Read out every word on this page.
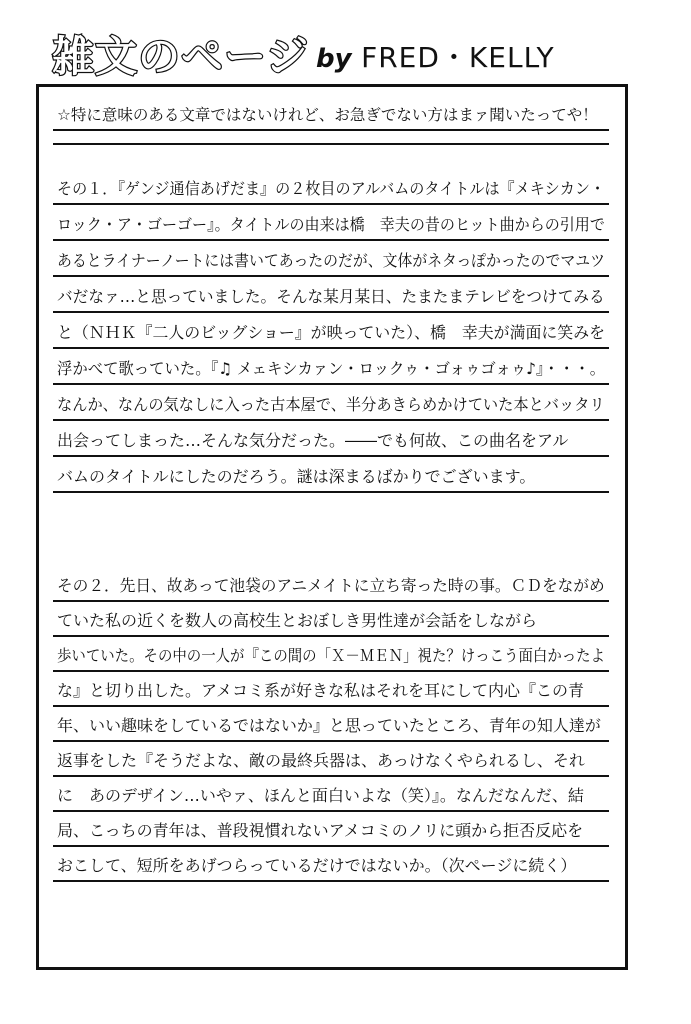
雑文のページ by FRED・KELLY
☆特に意味のある文章ではないけれど、お急ぎでない方はまァ聞いたってや！
その１．『ゲンジ通信あげだま』の２枚目のアルバムのタイトルは『メキシカン・
ロック・ア・ゴーゴー』。タイトルの由来は橋　幸夫の昔のヒット曲からの引用で
あるとライナーノートには書いてあったのだが、文体がネタっぽかったのでマユツ
バだなァ…と思っていました。そんな某月某日、たまたまテレビをつけてみる
と（ＮＨＫ『二人のビッグショー』が映っていた）、橋　幸夫が満面に笑みを
浮かべて歌っていた。『♫ メェキシカァン・ロックゥ・ゴォゥゴォゥ♪』・・・。
なんか、なんの気なしに入った古本屋で、半分あきらめかけていた本とバッタリ
出会ってしまった…そんな気分だった。――でも何故、この曲名をアル
バムのタイトルにしたのだろう。謎は深まるばかりでございます。
その２．先日、故あって池袋のアニメイトに立ち寄った時の事。ＣＤをながめ
ていた私の近くを数人の高校生とおぼしき男性達が会話をしながら
歩いていた。その中の一人が『この間の「Ｘ－ＭＥＮ」視た？けっこう面白かったよ
な』と切り出した。アメコミ系が好きな私はそれを耳にして内心『この青
年、いい趣味をしているではないか』と思っていたところ、青年の知人達が
返事をした『そうだよな、敵の最終兵器は、あっけなくやられるし、それ
に　あのデザイン…いやァ、ほんと面白いよな（笑）』。なんだなんだ、結
局、こっちの青年は、普段視慣れないアメコミのノリに頭から拒否反応を
おこして、短所をあげつらっているだけではないか。（次ページに続く）
